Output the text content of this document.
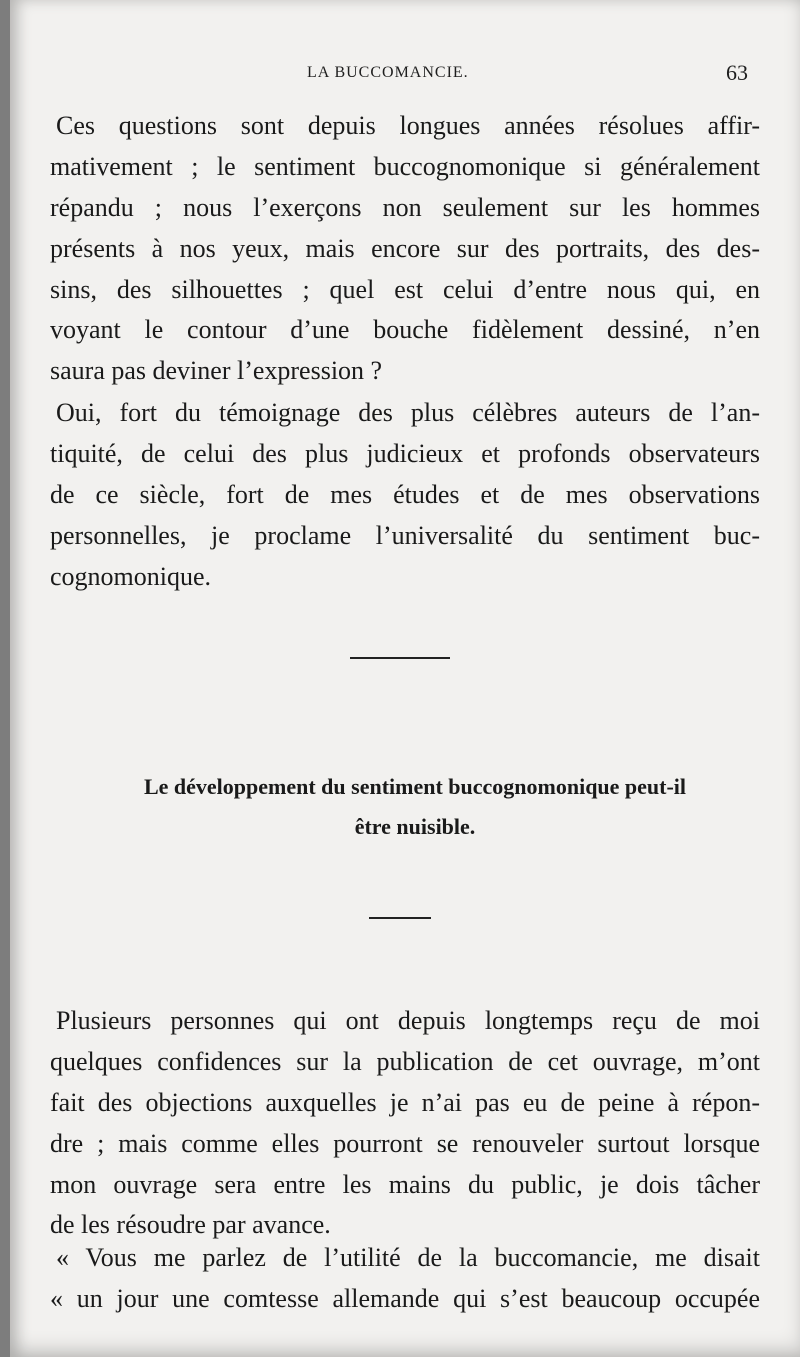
LA BUCCOMANCIE.	63
Ces questions sont depuis longues années résolues affir-
mativement ; le sentiment buccognomonique si généralement
répandu ; nous l’exerçons non seulement sur les hommes
présents à nos yeux, mais encore sur des portraits, des des-
sins, des silhouettes ; quel est celui d’entre nous qui, en
voyant le contour d’une bouche fidèlement dessiné, n’en
saura pas deviner l’expression ?
Oui, fort du témoignage des plus célèbres auteurs de l’an-
tiquité, de celui des plus judicieux et profonds observateurs
de ce siècle, fort de mes études et de mes observations
personnelles, je proclame l’universalité du sentiment buc-
cognomonique.
Le développement du sentiment buccognomonique peut-il
être nuisible.
Plusieurs personnes qui ont depuis longtemps reçu de moi
quelques confidences sur la publication de cet ouvrage, m’ont
fait des objections auxquelles je n’ai pas eu de peine à répon-
dre ; mais comme elles pourront se renouveler surtout lorsque
mon ouvrage sera entre les mains du public, je dois tâcher
de les résoudre par avance.
« Vous me parlez de l’utilité de la buccomancie, me disait
« un jour une comtesse allemande qui s’est beaucoup occupée
